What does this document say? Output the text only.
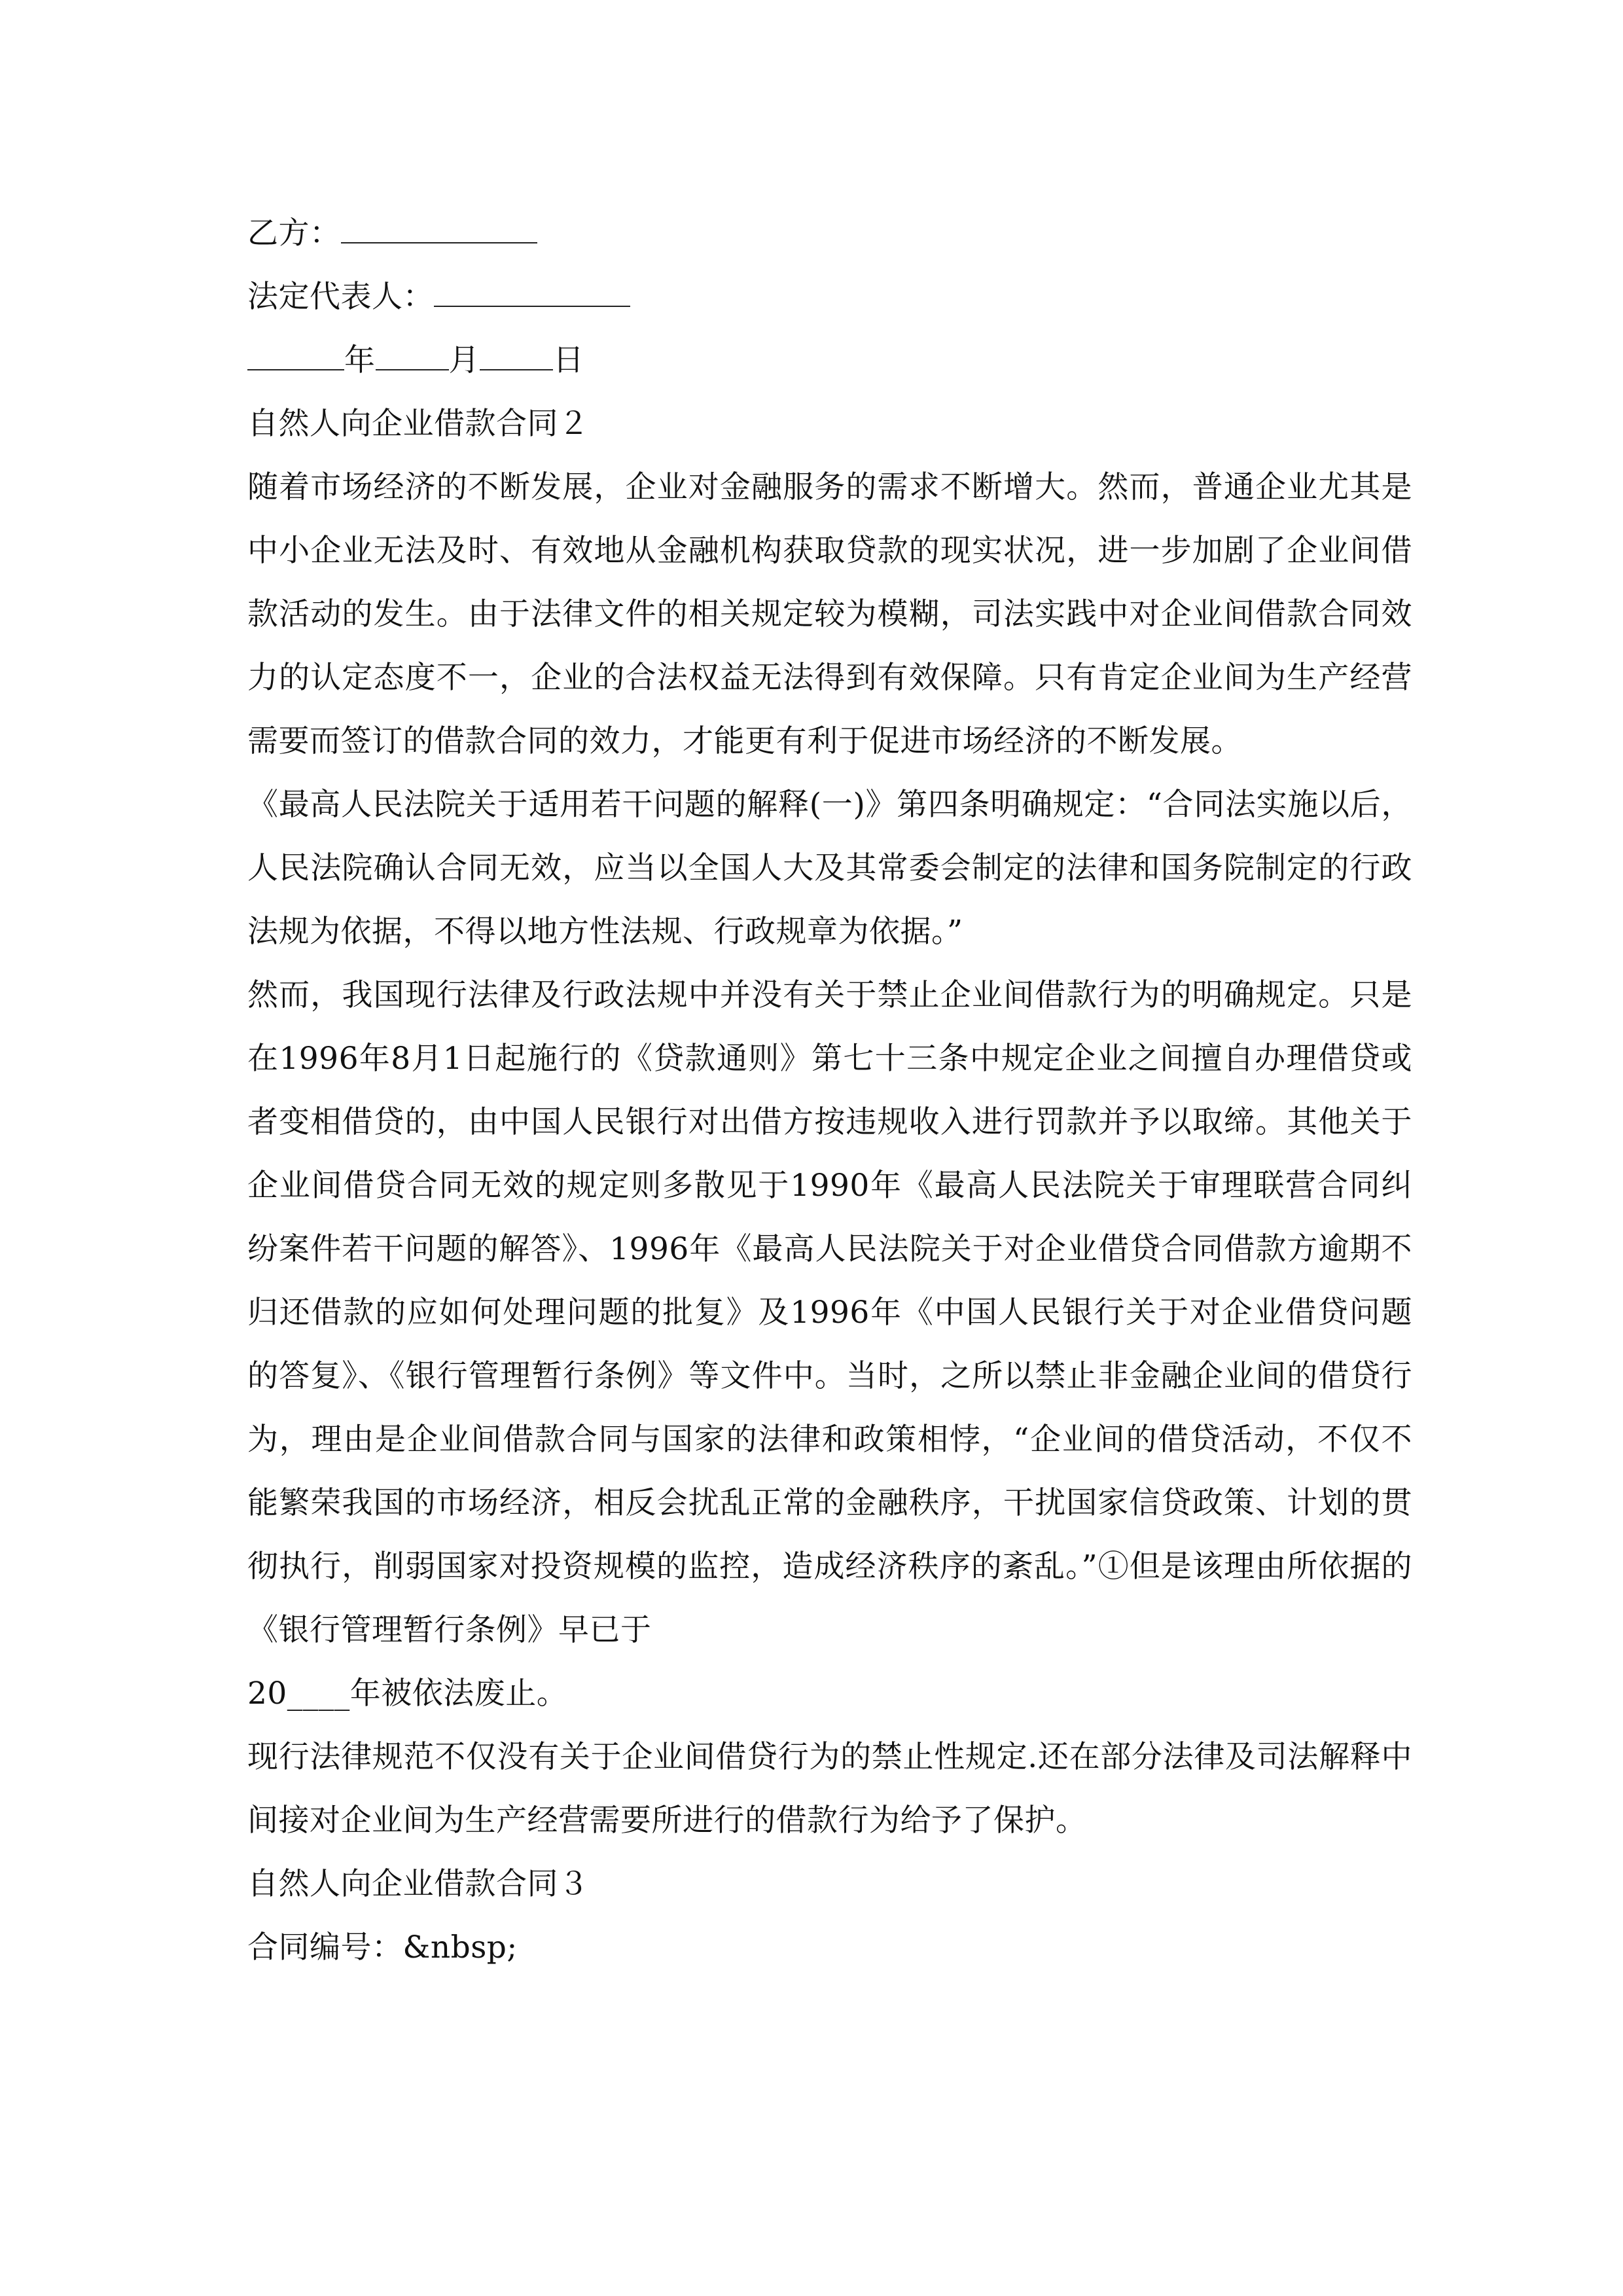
乙方：
法定代表人：
年 月 日
自然人向企业借款合同２

随着市场经济的不断发展，企业对金融服务的需求不断增大。然而，普通企业尤其是中小企业无法及时、有效地从金融机构获取贷款的现实状况，进一步加剧了企业间借款活动的发生。由于法律文件的相关规定较为模糊，司法实践中对企业间借款合同效力的认定态度不一，企业的合法权益无法得到有效保障。只有肯定企业间为生产经营需要而签订的借款合同的效力，才能更有利于促进市场经济的不断发展。

《最高人民法院关于适用若干问题的解释(一)》第四条明确规定：“合同法实施以后，人民法院确认合同无效，应当以全国人大及其常委会制定的法律和国务院制定的行政法规为依据，不得以地方性法规、行政规章为依据。”

然而，我国现行法律及行政法规中并没有关于禁止企业间借款行为的明确规定。只是在1996年8月1日起施行的《贷款通则》第七十三条中规定企业之间擅自办理借贷或者变相借贷的，由中国人民银行对出借方按违规收入进行罚款并予以取缔。其他关于企业间借贷合同无效的规定则多散见于1990年《最高人民法院关于审理联营合同纠纷案件若干问题的解答》、1996年《最高人民法院关于对企业借贷合同借款方逾期不归还借款的应如何处理问题的批复》及1996年《中国人民银行关于对企业借贷问题的答复》、《银行管理暂行条例》等文件中。当时，之所以禁止非金融企业间的借贷行为，理由是企业间借款合同与国家的法律和政策相悖，“企业间的借贷活动，不仅不能繁荣我国的市场经济，相反会扰乱正常的金融秩序，干扰国家信贷政策、计划的贯彻执行，削弱国家对投资规模的监控，造成经济秩序的紊乱。”①但是该理由所依据的《银行管理暂行条例》早已于

20____年被依法废止。

现行法律规范不仅没有关于企业间借贷行为的禁止性规定.还在部分法律及司法解释中间接对企业间为生产经营需要所进行的借款行为给予了保护。

自然人向企业借款合同３
合同编号：&nbsp;
